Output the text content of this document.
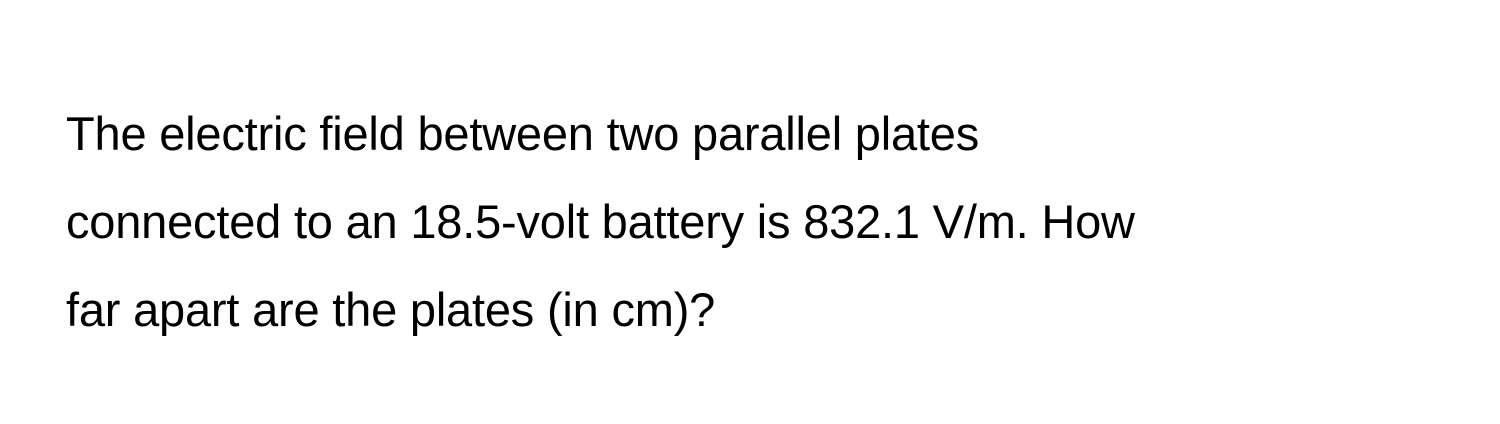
The electric field between two parallel plates
connected to an 18.5-volt battery is 832.1 V/m. How
far apart are the plates (in cm)?
